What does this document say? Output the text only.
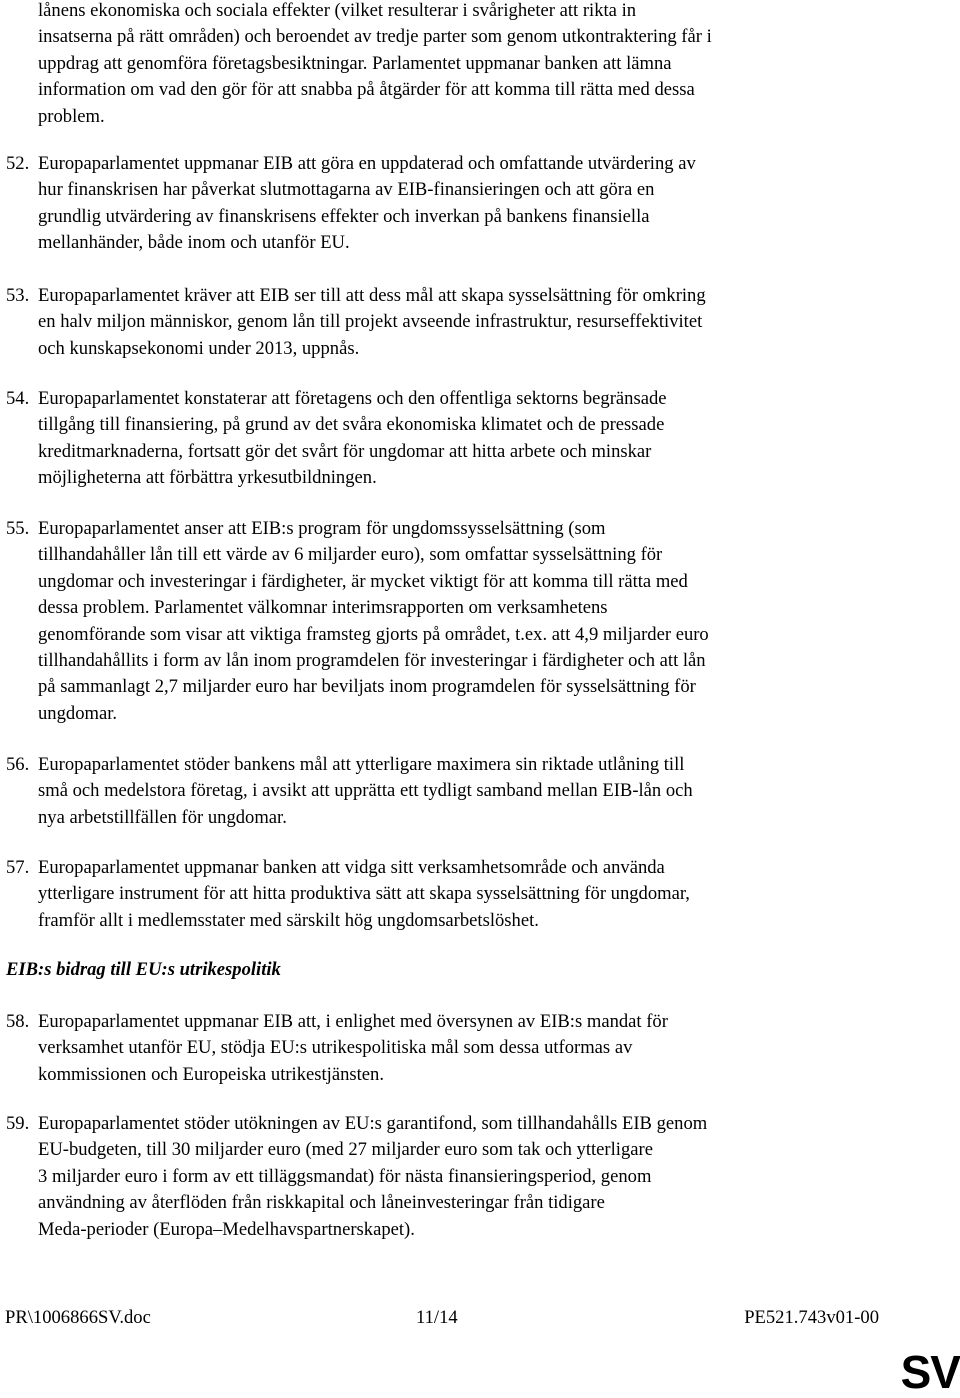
lånens ekonomiska och sociala effekter (vilket resulterar i svårigheter att rikta in
insatserna på rätt områden) och beroendet av tredje parter som genom utkontraktering får i
uppdrag att genomföra företagsbesiktningar. Parlamentet uppmanar banken att lämna
information om vad den gör för att snabba på åtgärder för att komma till rätta med dessa
problem.
52. Europaparlamentet uppmanar EIB att göra en uppdaterad och omfattande utvärdering av
hur finanskrisen har påverkat slutmottagarna av EIB-finansieringen och att göra en
grundlig utvärdering av finanskrisens effekter och inverkan på bankens finansiella
mellanhänder, både inom och utanför EU.
53. Europaparlamentet kräver att EIB ser till att dess mål att skapa sysselsättning för omkring
en halv miljon människor, genom lån till projekt avseende infrastruktur, resurseffektivitet
och kunskapsekonomi under 2013, uppnås.
54. Europaparlamentet konstaterar att företagens och den offentliga sektorns begränsade
tillgång till finansiering, på grund av det svåra ekonomiska klimatet och de pressade
kreditmarknaderna, fortsatt gör det svårt för ungdomar att hitta arbete och minskar
möjligheterna att förbättra yrkesutbildningen.
55. Europaparlamentet anser att EIB:s program för ungdomssysselsättning (som
tillhandahåller lån till ett värde av 6 miljarder euro), som omfattar sysselsättning för
ungdomar och investeringar i färdigheter, är mycket viktigt för att komma till rätta med
dessa problem. Parlamentet välkomnar interimsrapporten om verksamhetens
genomförande som visar att viktiga framsteg gjorts på området, t.ex. att 4,9 miljarder euro
tillhandahållits i form av lån inom programdelen för investeringar i färdigheter och att lån
på sammanlagt 2,7 miljarder euro har beviljats inom programdelen för sysselsättning för
ungdomar.
56. Europaparlamentet stöder bankens mål att ytterligare maximera sin riktade utlåning till
små och medelstora företag, i avsikt att upprätta ett tydligt samband mellan EIB-lån och
nya arbetstillfällen för ungdomar.
57. Europaparlamentet uppmanar banken att vidga sitt verksamhetsområde och använda
ytterligare instrument för att hitta produktiva sätt att skapa sysselsättning för ungdomar,
framför allt i medlemsstater med särskilt hög ungdomsarbetslöshet.
EIB:s bidrag till EU:s utrikespolitik
58. Europaparlamentet uppmanar EIB att, i enlighet med översynen av EIB:s mandat för
verksamhet utanför EU, stödja EU:s utrikespolitiska mål som dessa utformas av
kommissionen och Europeiska utrikestjänsten.
59. Europaparlamentet stöder utökningen av EU:s garantifond, som tillhandahålls EIB genom
EU-budgeten, till 30 miljarder euro (med 27 miljarder euro som tak och ytterligare
3 miljarder euro i form av ett tilläggsmandat) för nästa finansieringsperiod, genom
användning av återflöden från riskkapital och låneinvesteringar från tidigare
Meda-perioder (Europa–Medelhavspartnerskapet).
PR\1006866SV.doc	11/14	PE521.743v01-00
SV
